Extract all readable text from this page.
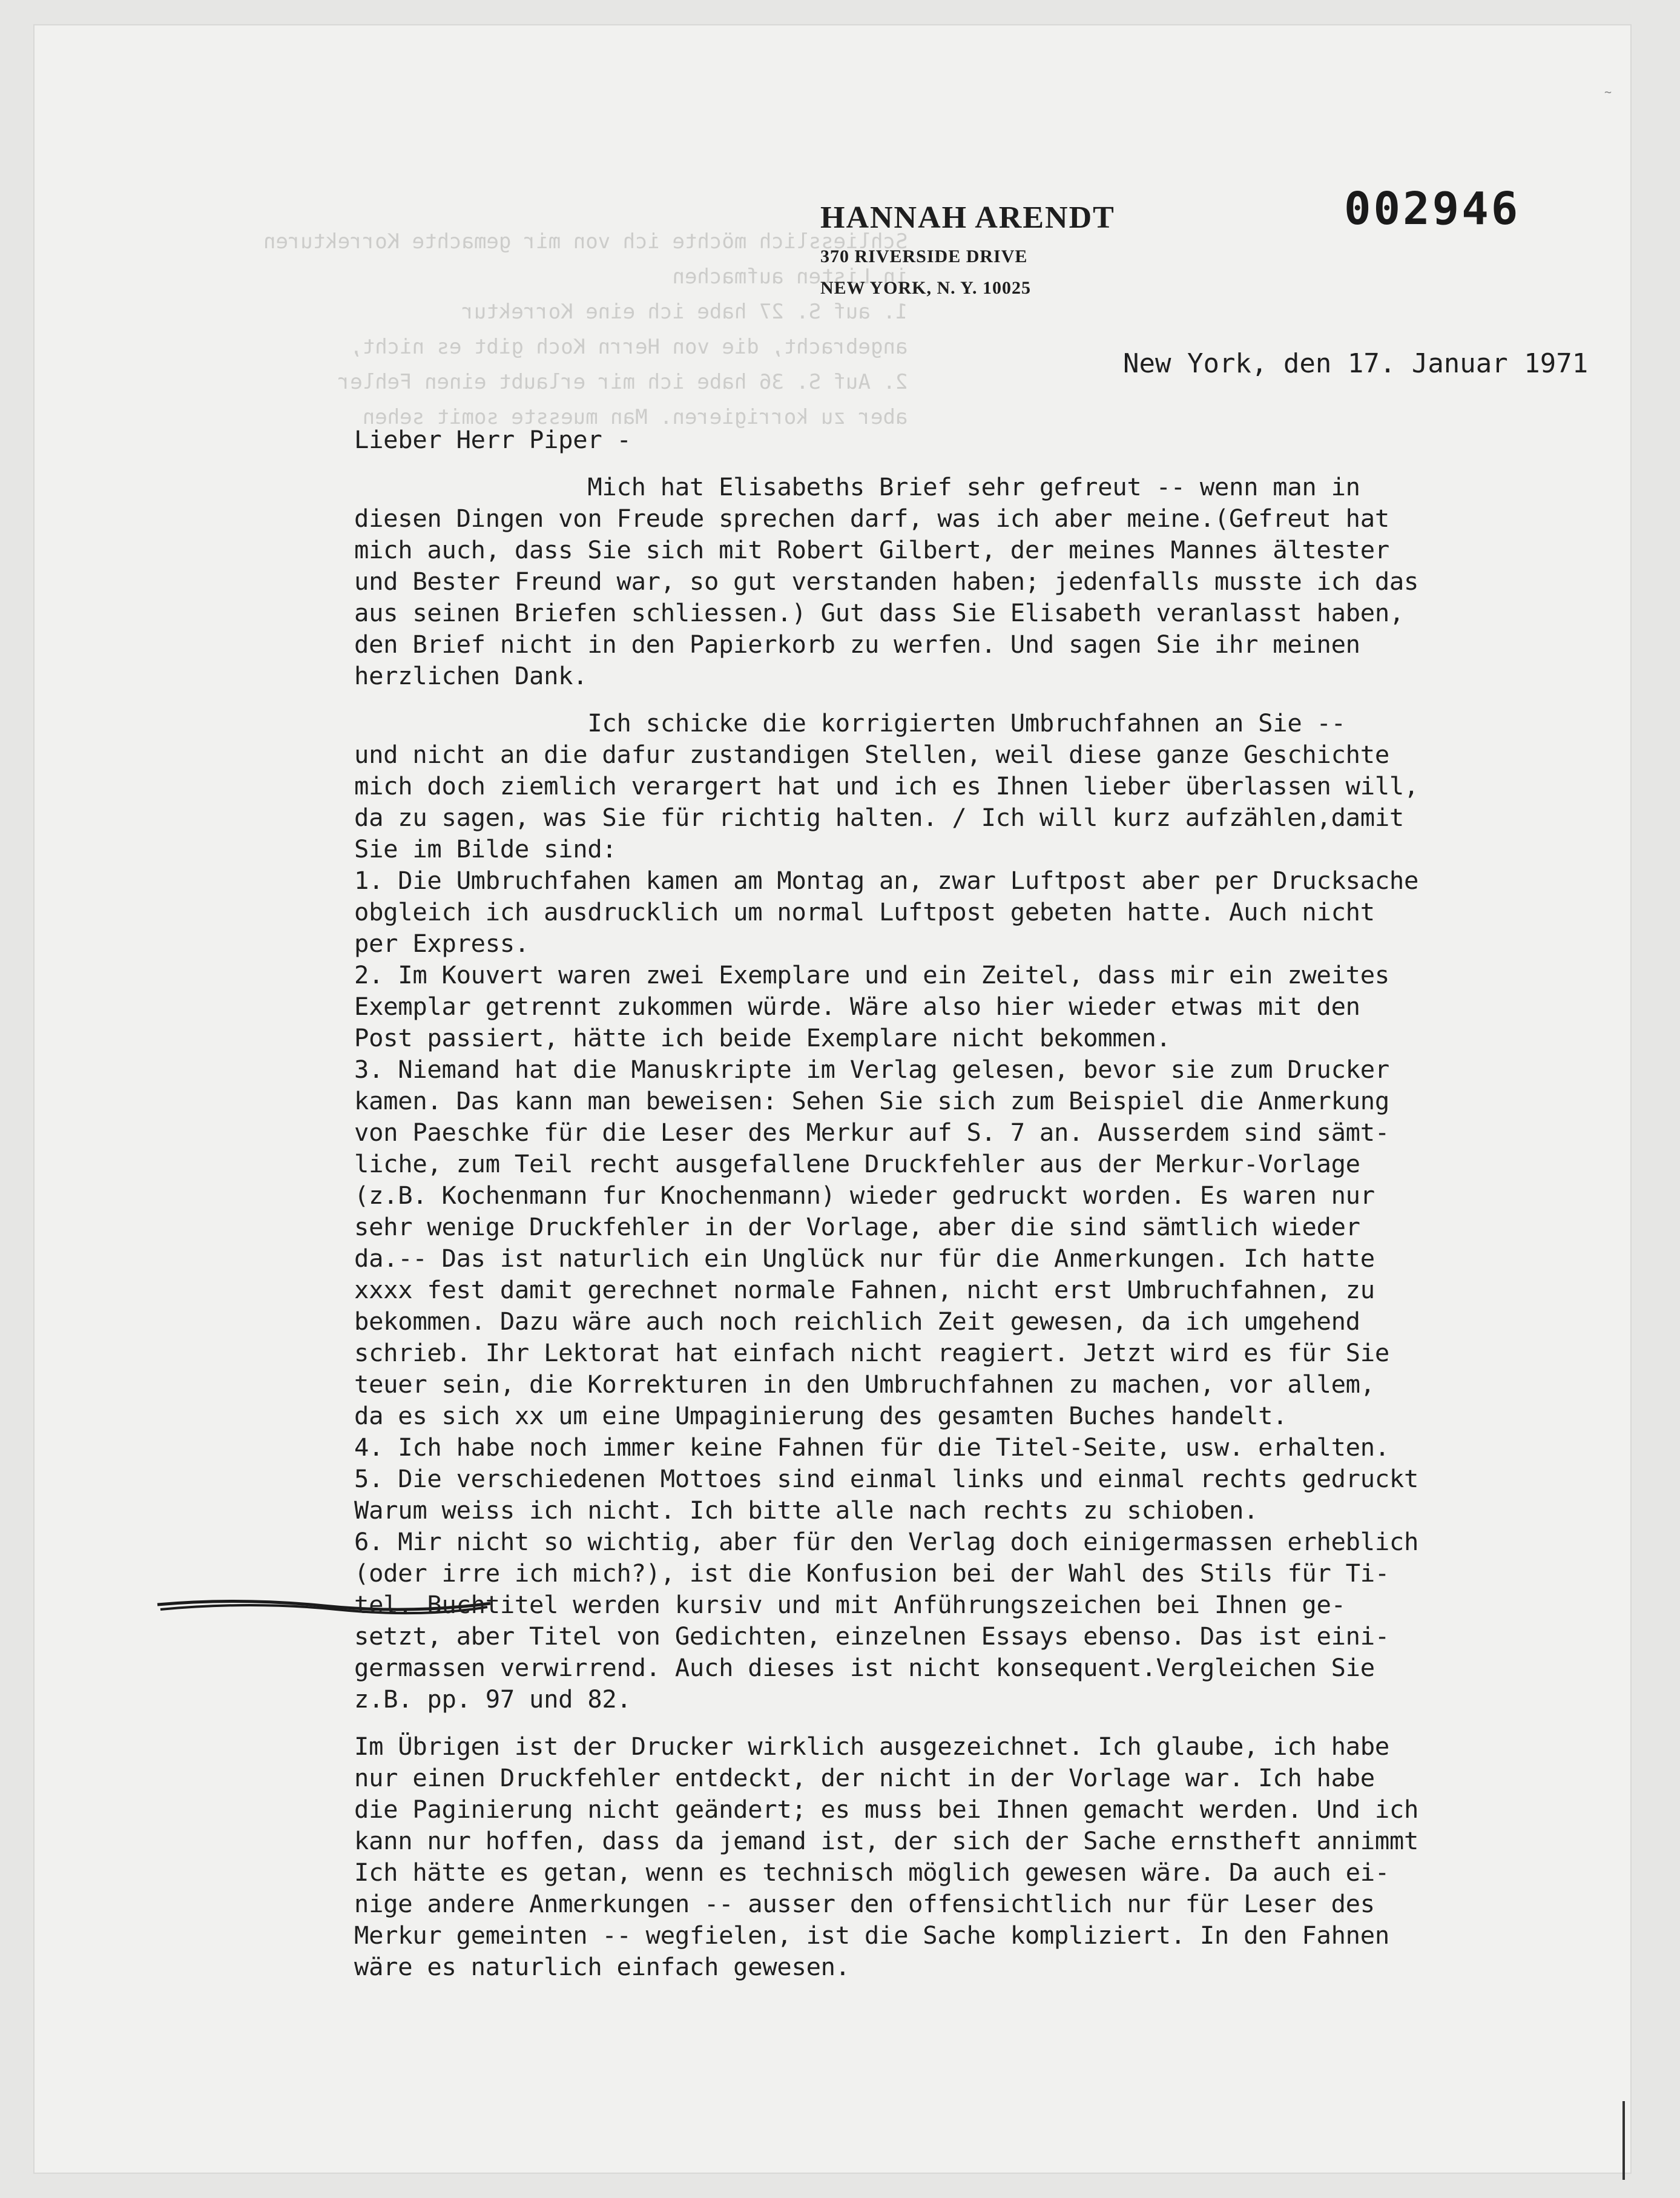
Schliesslich möchte ich von mir gemachte Korrekturen
in Listen aufmachen
1. auf S. 27 habe ich eine Korrektur
angebracht, die von Herrn Koch gibt es nicht,
2. Auf S. 36 habe ich mir erlaubt einen Fehler
aber zu korrigieren. Man muesste somit sehen
~
HANNAH ARENDT
370 RIVERSIDE DRIVE
NEW YORK, N. Y. 10025
002946
New York, den 17. Januar 1971
Lieber Herr Piper -
Mich hat Elisabeths Brief sehr gefreut -- wenn man in
diesen Dingen von Freude sprechen darf, was ich aber meine.(Gefreut hat
mich auch, dass Sie sich mit Robert Gilbert, der meines Mannes ältester
und Bester Freund war, so gut verstanden haben; jedenfalls musste ich das
aus seinen Briefen schliessen.) Gut dass Sie Elisabeth veranlasst haben,
den Brief nicht in den Papierkorb zu werfen. Und sagen Sie ihr meinen
herzlichen Dank.
Ich schicke die korrigierten Umbruchfahnen an Sie --
und nicht an die dafur zustandigen Stellen, weil diese ganze Geschichte
mich doch ziemlich verargert hat und ich es Ihnen lieber überlassen will,
da zu sagen, was Sie für richtig halten. / Ich will kurz aufzählen,damit
Sie im Bilde sind:
1. Die Umbruchfahen kamen am Montag an, zwar Luftpost aber per Drucksache
obgleich ich ausdrucklich um normal Luftpost gebeten hatte. Auch nicht
per Express.
2. Im Kouvert waren zwei Exemplare und ein Zeitel, dass mir ein zweites
Exemplar getrennt zukommen würde. Wäre also hier wieder etwas mit den
Post passiert, hätte ich beide Exemplare nicht bekommen.
3. Niemand hat die Manuskripte im Verlag gelesen, bevor sie zum Drucker
kamen. Das kann man beweisen: Sehen Sie sich zum Beispiel die Anmerkung
von Paeschke für die Leser des Merkur auf S. 7 an. Ausserdem sind sämt-
liche, zum Teil recht ausgefallene Druckfehler aus der Merkur-Vorlage
(z.B. Kochenmann fur Knochenmann) wieder gedruckt worden. Es waren nur
sehr wenige Druckfehler in der Vorlage, aber die sind sämtlich wieder
da.-- Das ist naturlich ein Unglück nur für die Anmerkungen. Ich hatte
xxxx fest damit gerechnet normale Fahnen, nicht erst Umbruchfahnen, zu
bekommen. Dazu wäre auch noch reichlich Zeit gewesen, da ich umgehend
schrieb. Ihr Lektorat hat einfach nicht reagiert. Jetzt wird es für Sie
teuer sein, die Korrekturen in den Umbruchfahnen zu machen, vor allem,
da es sich xx um eine Umpaginierung des gesamten Buches handelt.
4. Ich habe noch immer keine Fahnen für die Titel-Seite, usw. erhalten.
5. Die verschiedenen Mottoes sind einmal links und einmal rechts gedruckt
Warum weiss ich nicht. Ich bitte alle nach rechts zu schioben.
6. Mir nicht so wichtig, aber für den Verlag doch einigermassen erheblich
(oder irre ich mich?), ist die Konfusion bei der Wahl des Stils für Ti-
tel. Buchtitel werden kursiv und mit Anführungszeichen bei Ihnen ge-
setzt, aber Titel von Gedichten, einzelnen Essays ebenso. Das ist eini-
germassen verwirrend. Auch dieses ist nicht konsequent.Vergleichen Sie
z.B. pp. 97 und 82.
Im Übrigen ist der Drucker wirklich ausgezeichnet. Ich glaube, ich habe
nur einen Druckfehler entdeckt, der nicht in der Vorlage war. Ich habe
die Paginierung nicht geändert; es muss bei Ihnen gemacht werden. Und ich
kann nur hoffen, dass da jemand ist, der sich der Sache ernstheft annimmt
Ich hätte es getan, wenn es technisch möglich gewesen wäre. Da auch ei-
nige andere Anmerkungen -- ausser den offensichtlich nur für Leser des
Merkur gemeinten -- wegfielen, ist die Sache kompliziert. In den Fahnen
wäre es naturlich einfach gewesen.
